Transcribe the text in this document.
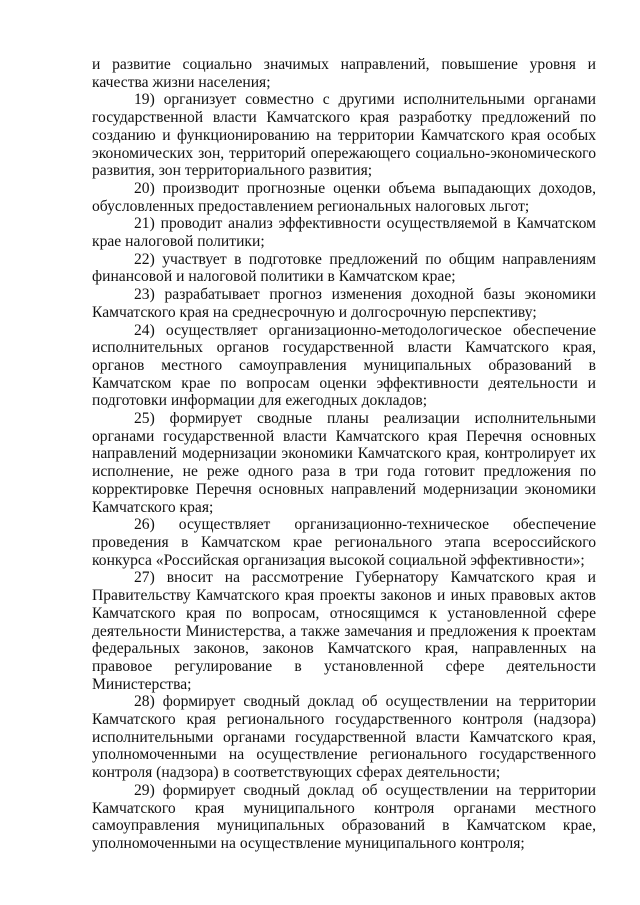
и развитие социально значимых направлений, повышение уровня и качества жизни населения;

19) организует совместно с другими исполнительными органами государственной власти Камчатского края разработку предложений по созданию и функционированию на территории Камчатского края особых экономических зон, территорий опережающего социально-экономического развития, зон территориального развития;

20) производит прогнозные оценки объема выпадающих доходов, обусловленных предоставлением региональных налоговых льгот;

21) проводит анализ эффективности осуществляемой в Камчатском крае налоговой политики;

22) участвует в подготовке предложений по общим направлениям финансовой и налоговой политики в Камчатском крае;

23) разрабатывает прогноз изменения доходной базы экономики Камчатского края на среднесрочную и долгосрочную перспективу;

24) осуществляет организационно-методологическое обеспечение исполнительных органов государственной власти Камчатского края, органов местного самоуправления муниципальных образований в Камчатском крае по вопросам оценки эффективности деятельности и подготовки информации для ежегодных докладов;

25) формирует сводные планы реализации исполнительными органами государственной власти Камчатского края Перечня основных направлений модернизации экономики Камчатского края, контролирует их исполнение, не реже одного раза в три года готовит предложения по корректировке Перечня основных направлений модернизации экономики Камчатского края;

26) осуществляет организационно-техническое обеспечение проведения в Камчатском крае регионального этапа всероссийского конкурса «Российская организация высокой социальной эффективности»;

27) вносит на рассмотрение Губернатору Камчатского края и Правительству Камчатского края проекты законов и иных правовых актов Камчатского края по вопросам, относящимся к установленной сфере деятельности Министерства, а также замечания и предложения к проектам федеральных законов, законов Камчатского края, направленных на правовое регулирование в установленной сфере деятельности Министерства;

28) формирует сводный доклад об осуществлении на территории Камчатского края регионального государственного контроля (надзора) исполнительными органами государственной власти Камчатского края, уполномоченными на осуществление регионального государственного контроля (надзора) в соответствующих сферах деятельности;

29) формирует сводный доклад об осуществлении на территории Камчатского края муниципального контроля органами местного самоуправления муниципальных образований в Камчатском крае, уполномоченными на осуществление муниципального контроля;
